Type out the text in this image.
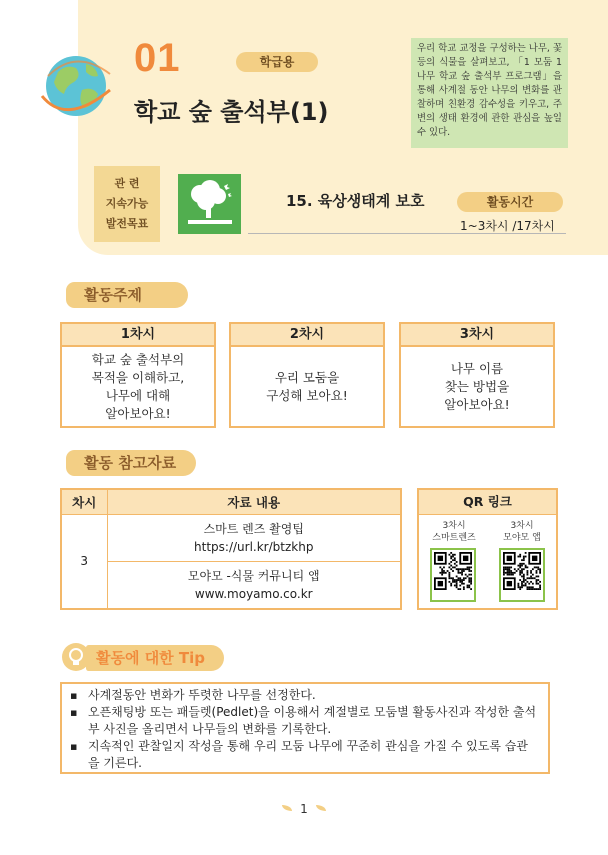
01	학급용
학교 숲 출석부(1)
우리 학교 교정을 구성하는 나무, 꽃 등의 식물을 살펴보고, 「1 모둠 1 나무 학교 숲 출석부 프로그램」을 통해 사계절 동안 나무의 변화를 관찰하며 친환경 감수성을 키우고, 주변의 생태 환경에 관한 관심을 높일 수 있다.
관 련
지속가능
발전목표
15. 육상생태계 보호	활동시간
1~3차시 /17차시
활동주제
1차시
학교 숲 출석부의
목적을 이해하고,
나무에 대해
알아보아요!
2차시
우리 모둠을
구성해 보아요!
3차시
나무 이름
찾는 방법을
알아보아요!
활동 참고자료
차시	자료 내용
3	스마트 렌즈 촬영팁
https://url.kr/btzkhp

	모야모 -식물 커뮤니티 앱
www.moyamo.co.kr
QR 링크
3차시
스마트렌즈
3차시
모야모 앱
활동에 대한 Tip
▪ 사계절동안 변화가 뚜렷한 나무를 선정한다.
▪ 오픈채팅방 또는 패들렛(Pedlet)을 이용해서 계절별로 모둠별 활동사진과 작성한 출석부 사진을 올리면서 나무들의 변화를 기록한다.
▪ 지속적인 관찰일지 작성을 통해 우리 모둠 나무에 꾸준히 관심을 가질 수 있도록 습관을 기른다.
1
